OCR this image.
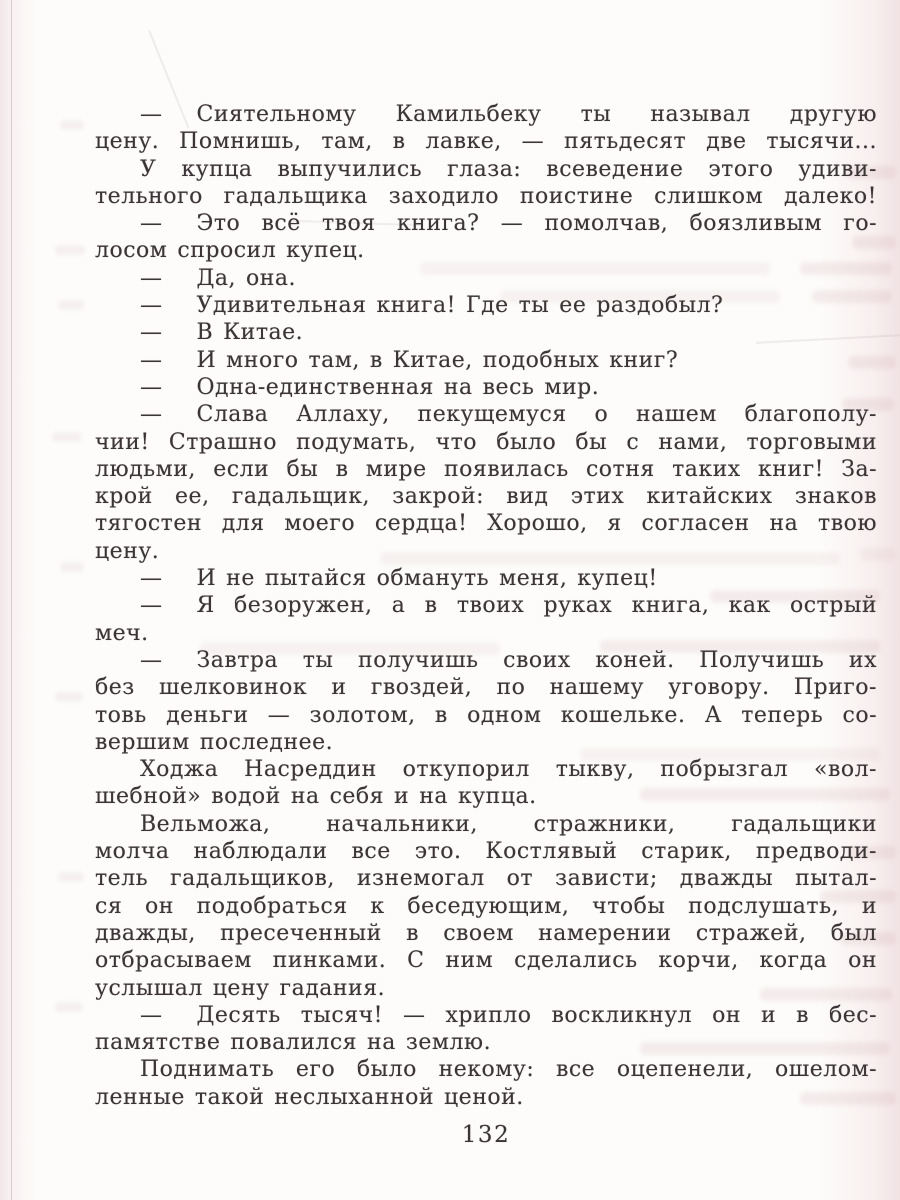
—  Сиятельному Камильбеку ты называл другую
цену. Помнишь, там, в лавке, — пятьдесят две тысячи...
У купца выпучились глаза: всеведение этого удиви-
тельного гадальщика заходило поистине слишком далеко!
—  Это всё твоя книга? — помолчав, боязливым го-
лосом спросил купец.
—  Да, она.
—  Удивительная книга! Где ты ее раздобыл?
—  В Китае.
—  И много там, в Китае, подобных книг?
—  Одна-единственная на весь мир.
—  Слава Аллаху, пекущемуся о нашем благополу-
чии! Страшно подумать, что было бы с нами, торговыми
людьми, если бы в мире появилась сотня таких книг! За-
крой ее, гадальщик, закрой: вид этих китайских знаков
тягостен для моего сердца! Хорошо, я согласен на твою
цену.
—  И не пытайся обмануть меня, купец!
—  Я безоружен, а в твоих руках книга, как острый
меч.
—  Завтра ты получишь своих коней. Получишь их
без шелковинок и гвоздей, по нашему уговору. Приго-
товь деньги — золотом, в одном кошельке. А теперь со-
вершим последнее.
Ходжа Насреддин откупорил тыкву, побрызгал «вол-
шебной» водой на себя и на купца.
Вельможа, начальники, стражники, гадальщики
молча наблюдали все это. Костлявый старик, предводи-
тель гадальщиков, изнемогал от зависти; дважды пытал-
ся он подобраться к беседующим, чтобы подслушать, и
дважды, пресеченный в своем намерении стражей, был
отбрасываем пинками. С ним сделались корчи, когда он
услышал цену гадания.
—  Десять тысяч! — хрипло воскликнул он и в бес-
памятстве повалился на землю.
Поднимать его было некому: все оцепенели, ошелом-
ленные такой неслыханной ценой.
132
